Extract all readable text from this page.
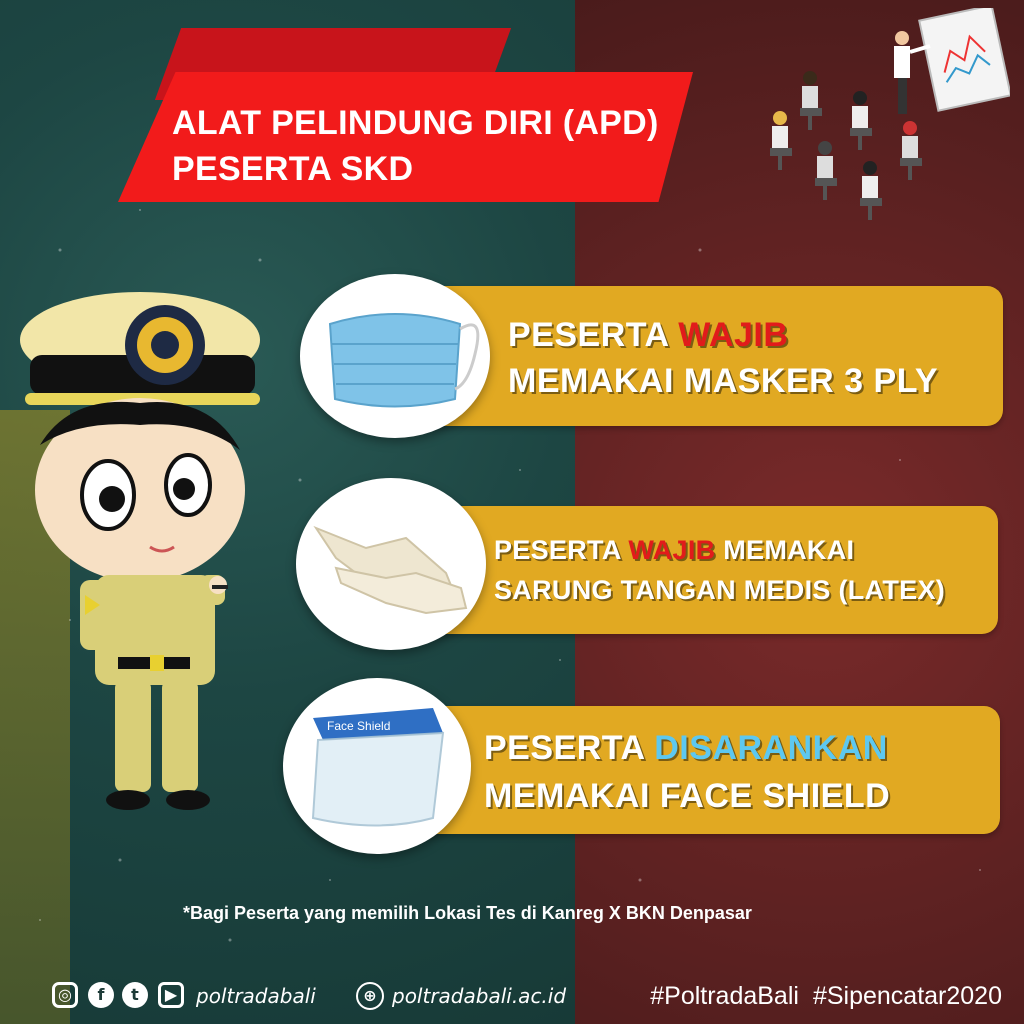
ALAT PELINDUNG DIRI (APD)
PESERTA SKD
PESERTA WAJIB
MEMAKAI MASKER 3 PLY
PESERTA WAJIB MEMAKAI
SARUNG TANGAN MEDIS (LATEX)
Face Shield
PESERTA DISARANKAN
MEMAKAI FACE SHIELD
*Bagi Peserta yang memilih Lokasi Tes di Kanreg X BKN Denpasar
◎	f	t	▶ poltradabali	⊕ poltradabali.ac.id	#PoltradaBali #Sipencatar2020
